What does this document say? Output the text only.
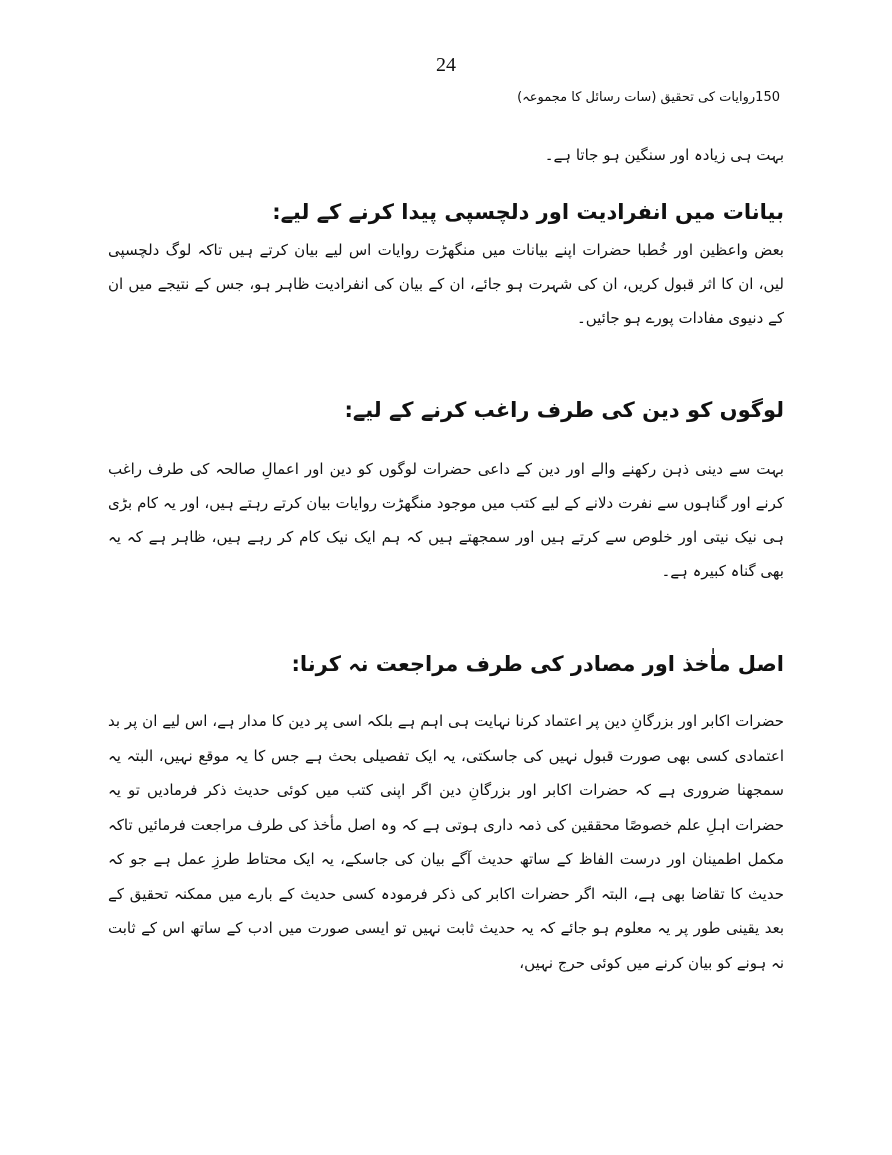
24
150روایات کی تحقیق (سات رسائل کا مجموعہ)

بہت ہی زیادہ اور سنگین ہو جاتا ہے۔

بیانات میں انفرادیت اور دلچسپی پیدا کرنے کے لیے:

بعض واعظین اور خُطبا حضرات اپنے بیانات میں منگھڑت روایات اس لیے بیان کرتے ہیں تاکہ لوگ دلچسپی لیں، ان کا اثر قبول کریں، ان کی شہرت ہو جائے، ان کے بیان کی انفرادیت ظاہر ہو، جس کے نتیجے میں ان کے دنیوی مفادات پورے ہو جائیں۔

لوگوں کو دین کی طرف راغب کرنے کے لیے:

بہت سے دینی ذہن رکھنے والے اور دین کے داعی حضرات لوگوں کو دین اور اعمالِ صالحہ کی طرف راغب کرنے اور گناہوں سے نفرت دلانے کے لیے کتب میں موجود منگھڑت روایات بیان کرتے رہتے ہیں، اور یہ کام بڑی ہی نیک نیتی اور خلوص سے کرتے ہیں اور سمجھتے ہیں کہ ہم ایک نیک کام کر رہے ہیں، ظاہر ہے کہ یہ بھی گناہ کبیرہ ہے۔

اصل ماٰخذ اور مصادر کی طرف مراجعت نہ کرنا:

حضرات اکابر اور بزرگانِ دین پر اعتماد کرنا نہایت ہی اہم ہے بلکہ اسی پر دین کا مدار ہے، اس لیے ان پر بد اعتمادی کسی بھی صورت قبول نہیں کی جاسکتی، یہ ایک تفصیلی بحث ہے جس کا یہ موقع نہیں، البتہ یہ سمجھنا ضروری ہے کہ حضرات اکابر اور بزرگانِ دین اگر اپنی کتب میں کوئی حدیث ذکر فرمادیں تو یہ حضرات اہلِ علم خصوصًا محققین کی ذمہ داری ہوتی ہے کہ وہ اصل مأخذ کی طرف مراجعت فرمائیں تاکہ مکمل اطمینان اور درست الفاظ کے ساتھ حدیث آگے بیان کی جاسکے، یہ ایک محتاط طرزِ عمل ہے جو کہ حدیث کا تقاضا بھی ہے، البتہ اگر حضرات اکابر کی ذکر فرمودہ کسی حدیث کے بارے میں ممکنہ تحقیق کے بعد یقینی طور پر یہ معلوم ہو جائے کہ یہ حدیث ثابت نہیں تو ایسی صورت میں ادب کے ساتھ اس کے ثابت نہ ہونے کو بیان کرنے میں کوئی حرج نہیں،
